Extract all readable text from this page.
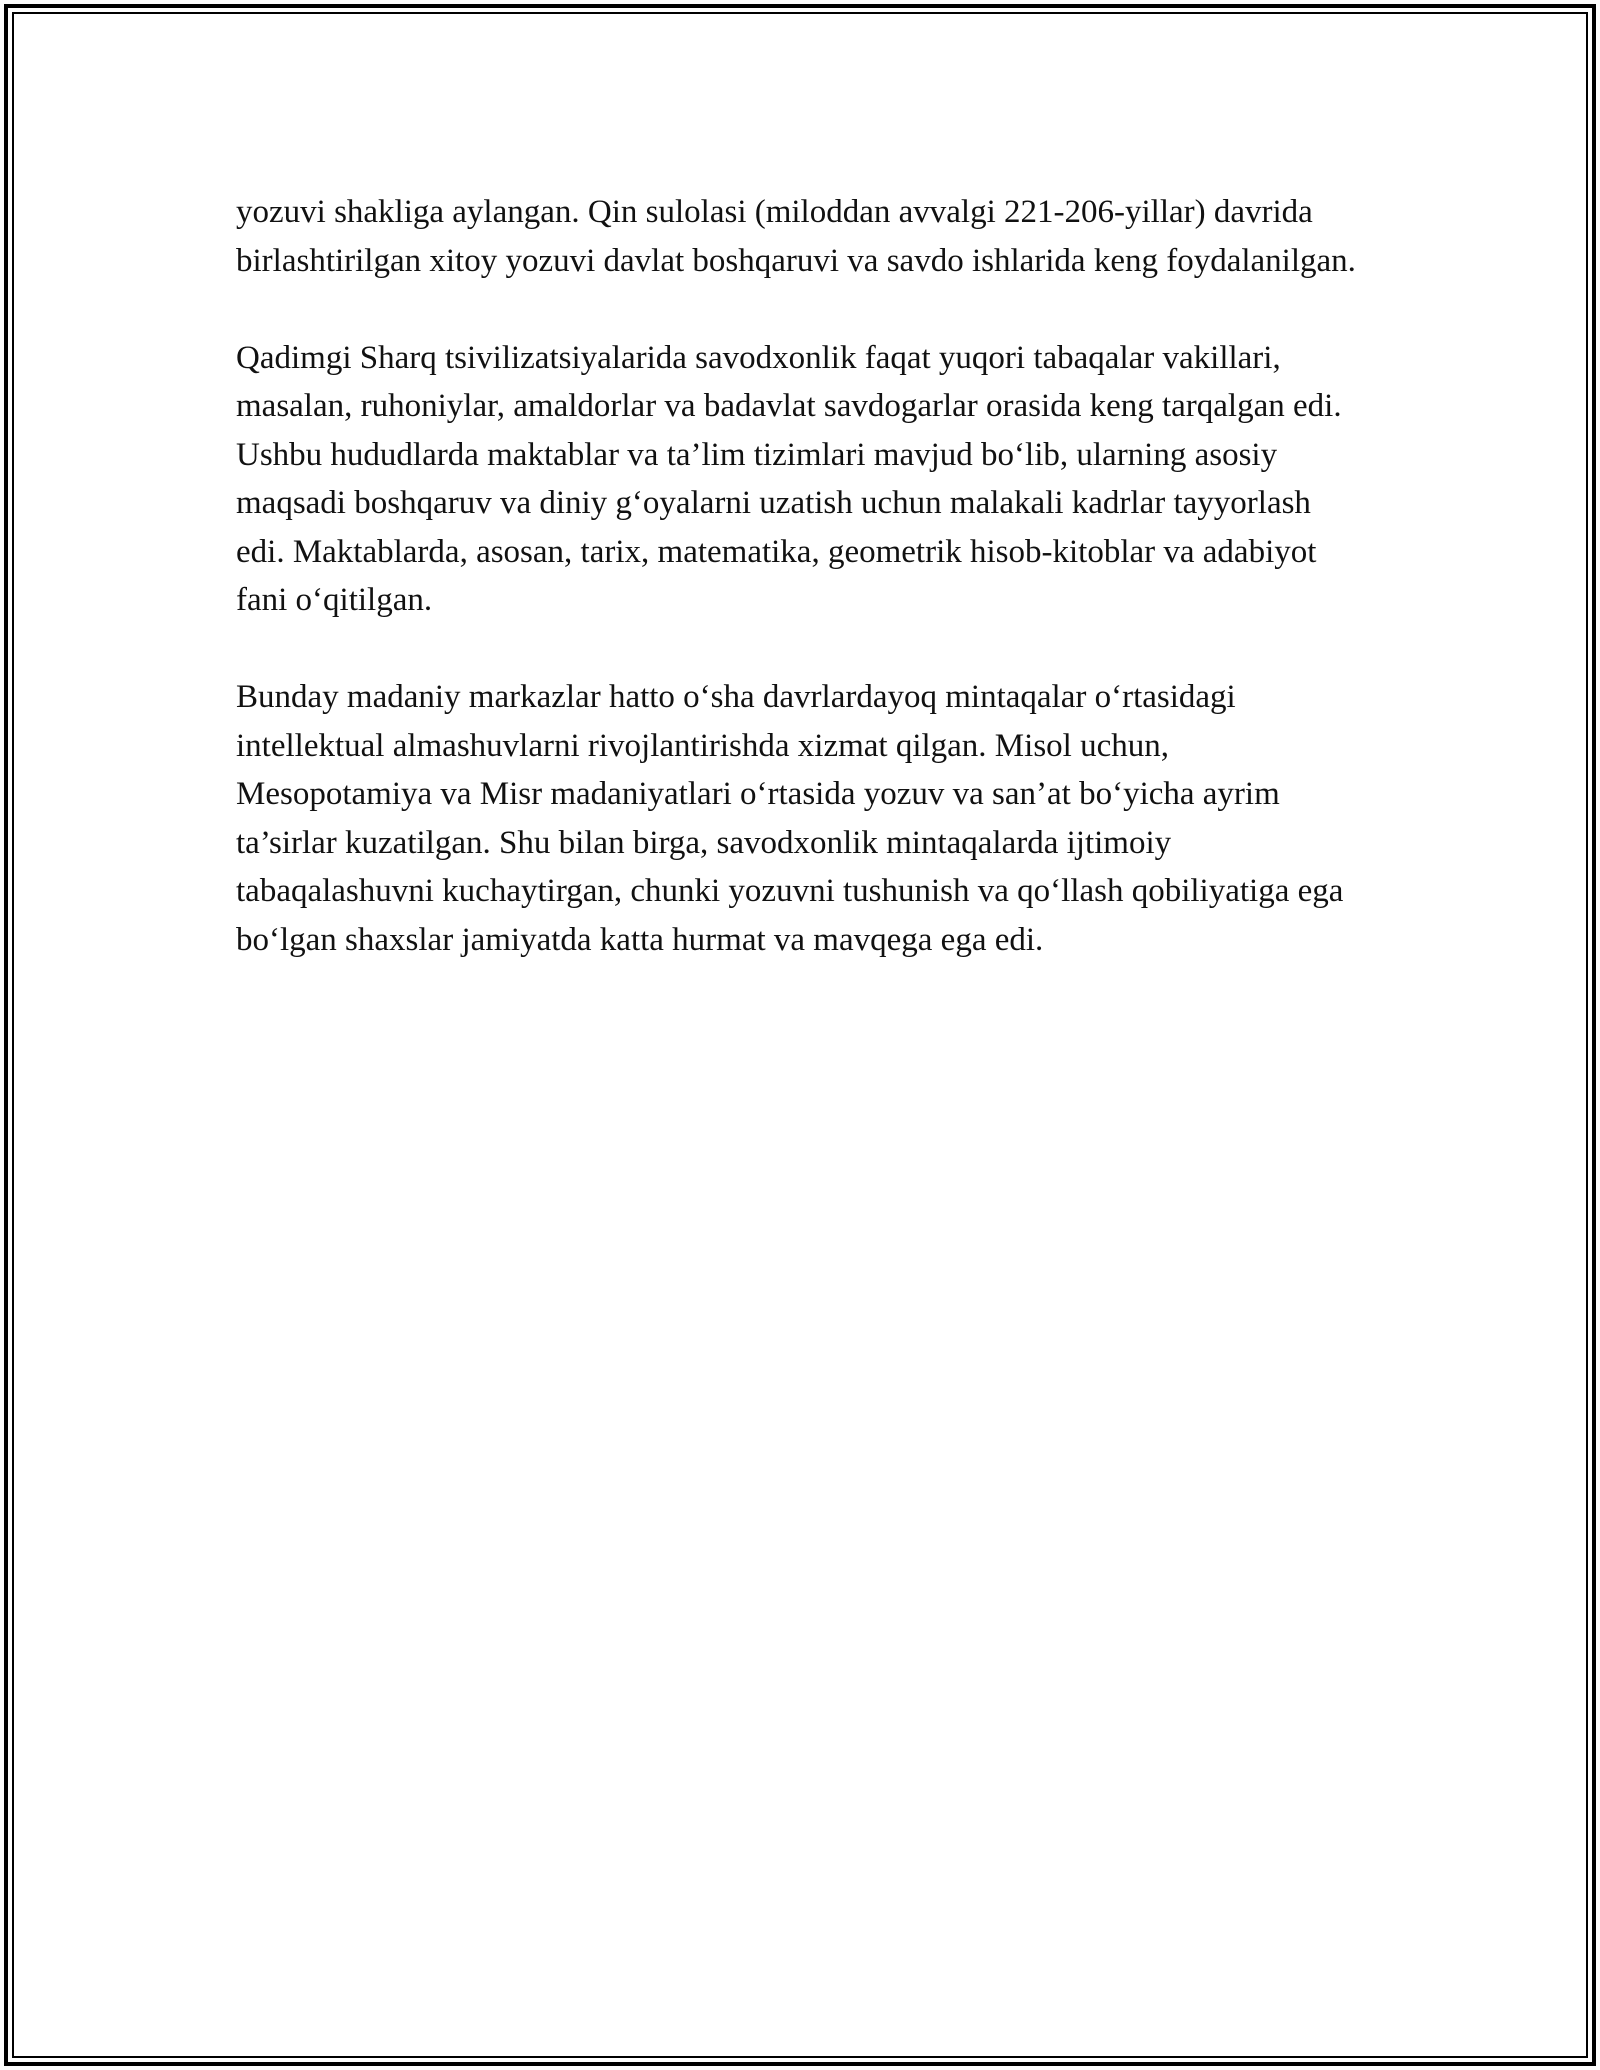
yozuvi shakliga aylangan. Qin sulolasi (miloddan avvalgi 221-206-yillar) davrida birlashtirilgan xitoy yozuvi davlat boshqaruvi va savdo ishlarida keng foydalanilgan.

Qadimgi Sharq tsivilizatsiyalarida savodxonlik faqat yuqori tabaqalar vakillari, masalan, ruhoniylar, amaldorlar va badavlat savdogarlar orasida keng tarqalgan edi. Ushbu hududlarda maktablar va ta’lim tizimlari mavjud bo‘lib, ularning asosiy maqsadi boshqaruv va diniy g‘oyalarni uzatish uchun malakali kadrlar tayyorlash edi. Maktablarda, asosan, tarix, matematika, geometrik hisob-kitoblar va adabiyot fani o‘qitilgan.

Bunday madaniy markazlar hatto o‘sha davrlardayoq mintaqalar o‘rtasidagi intellektual almashuvlarni rivojlantirishda xizmat qilgan. Misol uchun, Mesopotamiya va Misr madaniyatlari o‘rtasida yozuv va san’at bo‘yicha ayrim ta’sirlar kuzatilgan. Shu bilan birga, savodxonlik mintaqalarda ijtimoiy tabaqalashuvni kuchaytirgan, chunki yozuvni tushunish va qo‘llash qobiliyatiga ega bo‘lgan shaxslar jamiyatda katta hurmat va mavqega ega edi.
